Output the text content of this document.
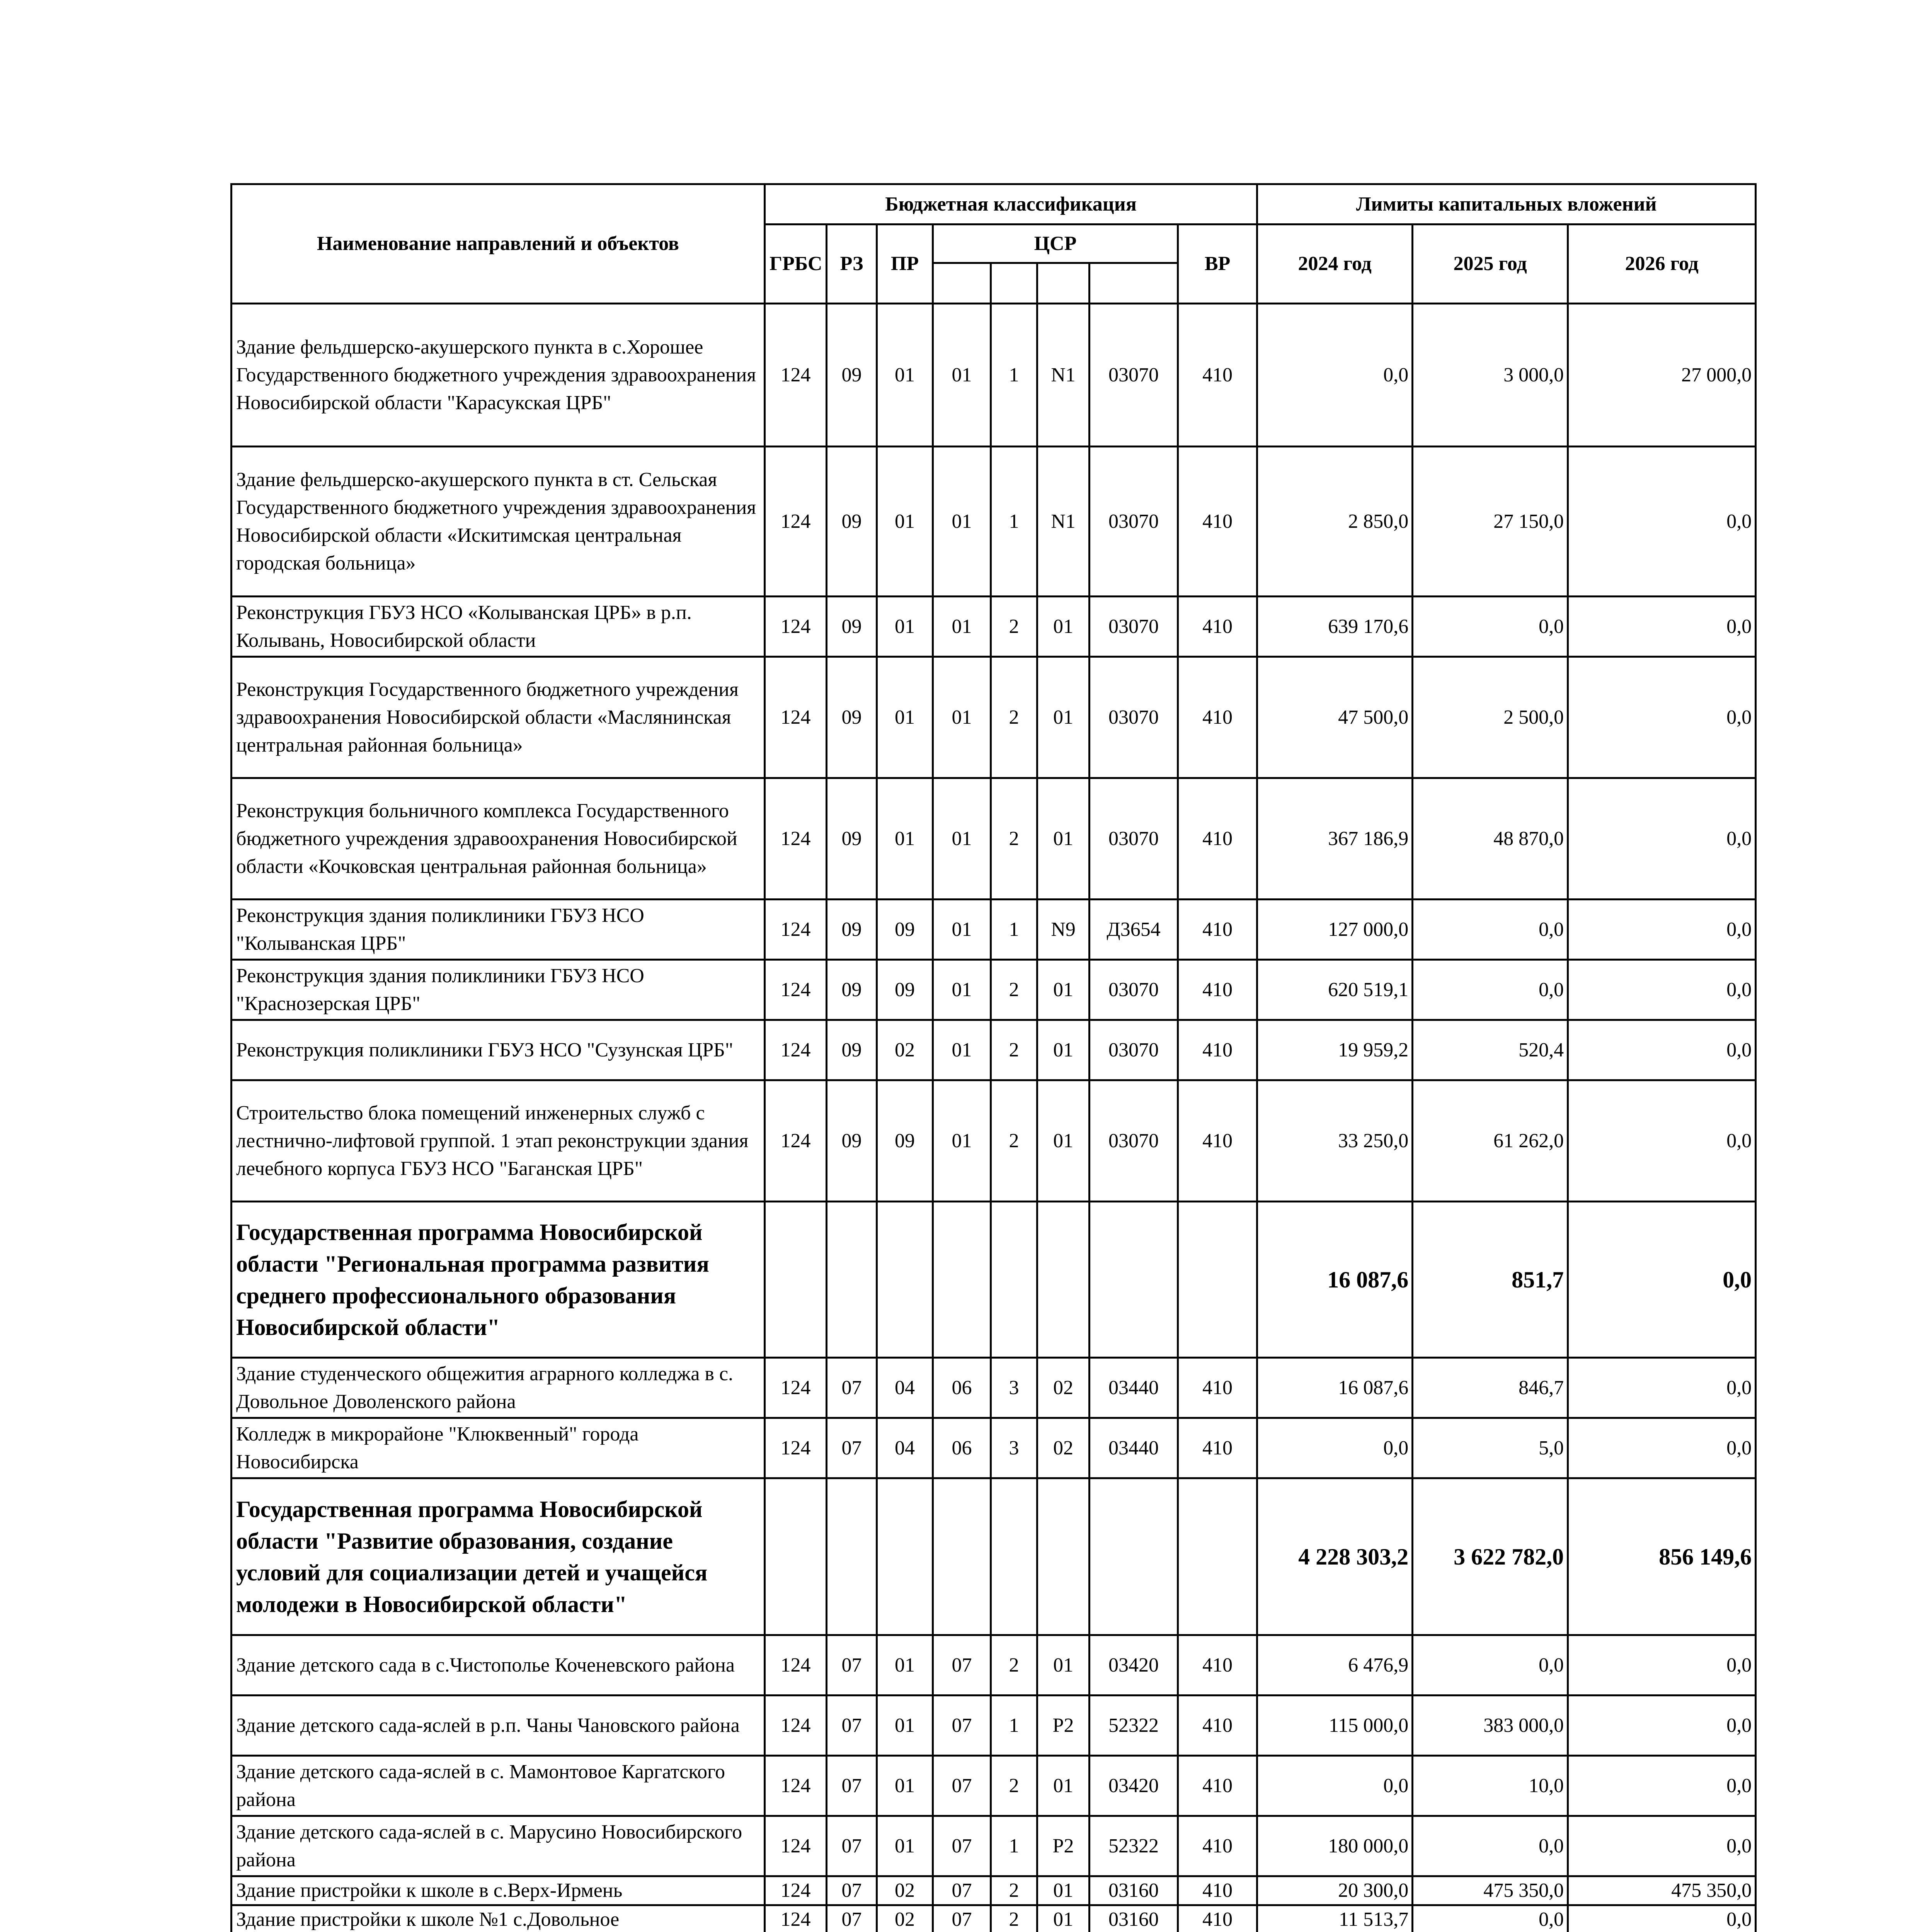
Наименование направлений и объектов	Бюджетная классификация								Лимиты капитальных вложений		
	ГРБС	РЗ	ПР	ЦСР				ВР	2024 год	2025 год	2026 год

Здание фельдшерско-акушерского пункта в с.Хорошее Государственного бюджетного учреждения здравоохранения Новосибирской области "Карасукская ЦРБ"	124	09	01	01	1	N1	03070	410	0,0	3 000,0	27 000,0
Здание фельдшерско-акушерского пункта в ст. Сельская Государственного бюджетного учреждения здравоохранения Новосибирской области «Искитимская центральная городская больница»	124	09	01	01	1	N1	03070	410	2 850,0	27 150,0	0,0
Реконструкция ГБУЗ НСО «Колыванская ЦРБ» в р.п. Колывань, Новосибирской области	124	09	01	01	2	01	03070	410	639 170,6	0,0	0,0
Реконструкция Государственного бюджетного учреждения здравоохранения Новосибирской области «Маслянинская центральная районная больница»	124	09	01	01	2	01	03070	410	47 500,0	2 500,0	0,0
Реконструкция больничного комплекса Государственного бюджетного учреждения здравоохранения Новосибирской области «Кочковская центральная районная больница»	124	09	01	01	2	01	03070	410	367 186,9	48 870,0	0,0
Реконструкция здания поликлиники ГБУЗ НСО "Колыванская ЦРБ"	124	09	09	01	1	N9	Д3654	410	127 000,0	0,0	0,0
Реконструкция здания поликлиники ГБУЗ НСО "Краснозерская ЦРБ"	124	09	09	01	2	01	03070	410	620 519,1	0,0	0,0
Реконструкция поликлиники ГБУЗ НСО "Сузунская ЦРБ"	124	09	02	01	2	01	03070	410	19 959,2	520,4	0,0
Строительство блока помещений инженерных служб с лестнично-лифтовой группой. 1 этап реконструкции здания лечебного корпуса ГБУЗ НСО "Баганская ЦРБ"	124	09	09	01	2	01	03070	410	33 250,0	61 262,0	0,0
Государственная программа Новосибирской области "Региональная программа развития среднего профессионального образования Новосибирской области"									16 087,6	851,7	0,0
Здание студенческого общежития аграрного колледжа в с. Довольное Доволенского района	124	07	04	06	3	02	03440	410	16 087,6	846,7	0,0
Колледж в микрорайоне "Клюквенный" города Новосибирска	124	07	04	06	3	02	03440	410	0,0	5,0	0,0
Государственная программа Новосибирской области "Развитие образования, создание условий для социализации детей и учащейся молодежи в Новосибирской области"									4 228 303,2	3 622 782,0	856 149,6
Здание детского сада в с.Чистополье Коченевского района	124	07	01	07	2	01	03420	410	6 476,9	0,0	0,0
Здание детского сада-яслей в р.п. Чаны Чановского района	124	07	01	07	1	Р2	52322	410	115 000,0	383 000,0	0,0
Здание детского сада-яслей в с. Мамонтовое Каргатского района	124	07	01	07	2	01	03420	410	0,0	10,0	0,0
Здание детского сада-яслей в с. Марусино Новосибирского района	124	07	01	07	1	Р2	52322	410	180 000,0	0,0	0,0
Здание пристройки к школе в с.Верх-Ирмень	124	07	02	07	2	01	03160	410	20 300,0	475 350,0	475 350,0
Здание пристройки к школе №1 с.Довольное	124	07	02	07	2	01	03160	410	11 513,7	0,0	0,0
